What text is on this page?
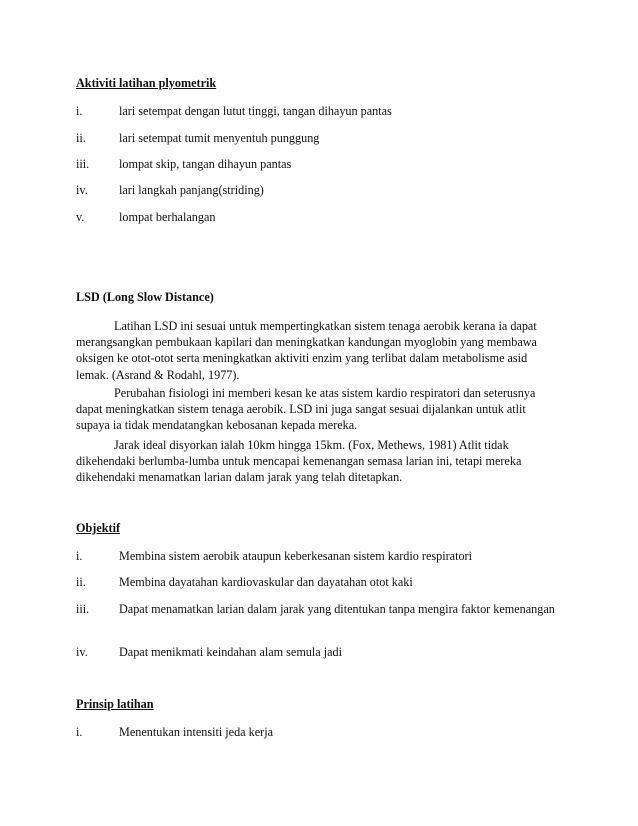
Aktiviti latihan plyometrik
i.	lari setempat dengan lutut tinggi, tangan dihayun pantas
ii.	lari setempat tumit menyentuh punggung
iii. lompat skip, tangan dihayun pantas
iv.	lari langkah panjang(striding)
v.	lompat berhalangan
LSD (Long Slow Distance)
Latihan LSD ini sesuai untuk mempertingkatkan sistem tenaga aerobik kerana ia dapat merangsangkan pembukaan kapilari dan meningkatkan kandungan myoglobin yang membawa oksigen ke otot-otot serta meningkatkan aktiviti enzim yang terlibat dalam metabolisme asid lemak. (Asrand & Rodahl, 1977).
Perubahan fisiologi ini memberi kesan ke atas sistem kardio respiratori dan seterusnya dapat meningkatkan sistem tenaga aerobik. LSD ini juga sangat sesuai dijalankan untuk atlit supaya ia tidak mendatangkan kebosanan kepada mereka.
Jarak ideal disyorkan ialah 10km hingga 15km. (Fox, Methews, 1981) Atlit tidak dikehendaki berlumba-lumba untuk mencapai kemenangan semasa larian ini, tetapi mereka dikehendaki menamatkan larian dalam jarak yang telah ditetapkan.
Objektif
i.	Membina sistem aerobik ataupun keberkesanan sistem kardio respiratori
ii.	Membina dayatahan kardiovaskular dan dayatahan otot kaki
iii. Dapat menamatkan larian dalam jarak yang ditentukan tanpa mengira faktor kemenangan
iv.	Dapat menikmati keindahan alam semula jadi
Prinsip latihan
i.	Menentukan intensiti jeda kerja
